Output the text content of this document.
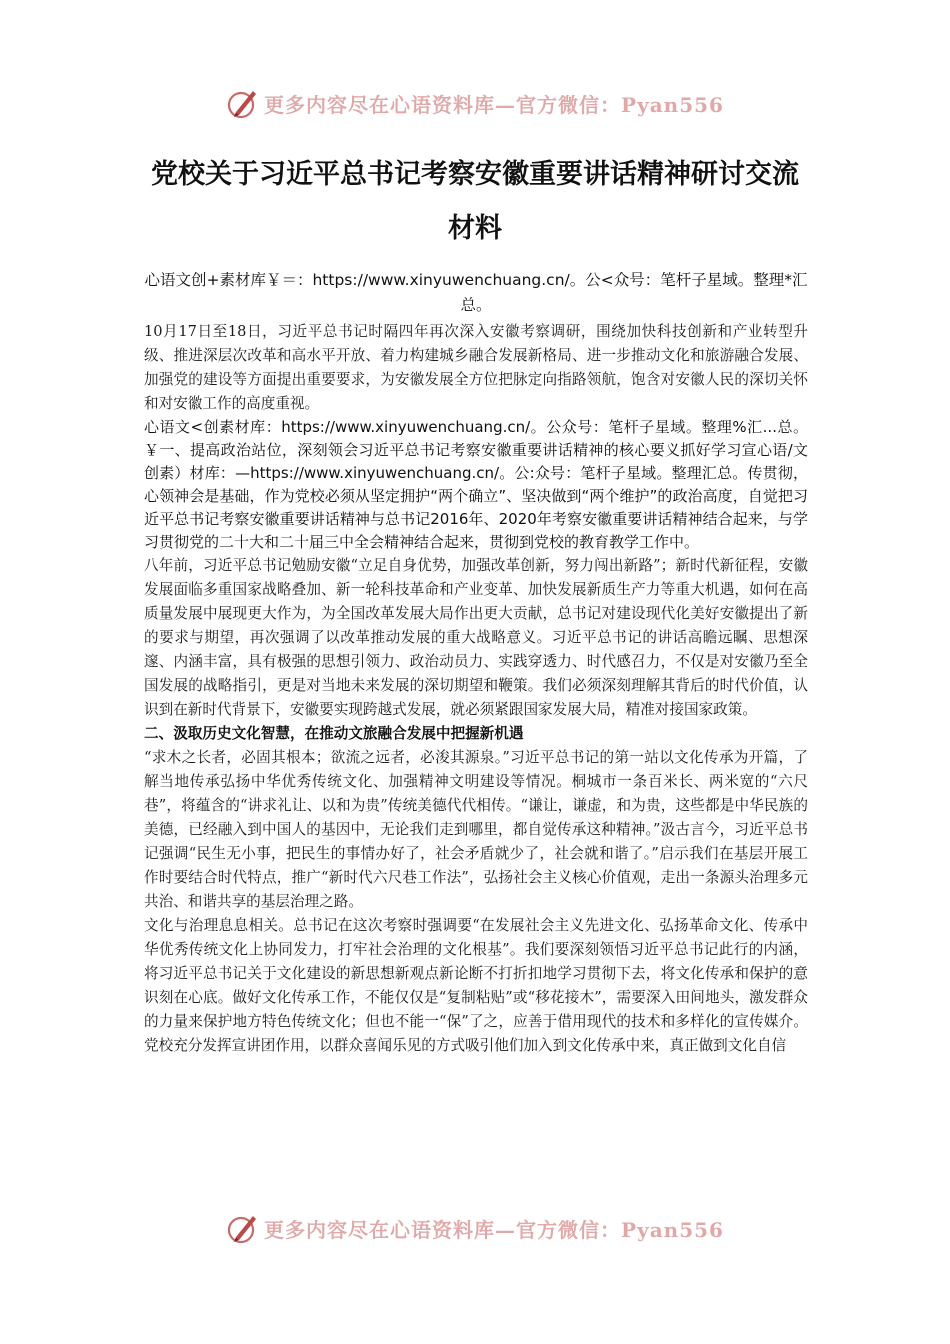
更多内容尽在心语资料库—官方微信：Pyan556
党校关于习近平总书记考察安徽重要讲话精神研讨交流材料

心语文创+素材库￥＝：https://www.xinyuwenchuang.cn/。公<众号：笔杆子星域。整理*汇总。

10月17日至18日，习近平总书记时隔四年再次深入安徽考察调研，围绕加快科技创新和产业转型升级、推进深层次改革和高水平开放、着力构建城乡融合发展新格局、进一步推动文化和旅游融合发展、加强党的建设等方面提出重要要求，为安徽发展全方位把脉定向指路领航，饱含对安徽人民的深切关怀和对安徽工作的高度重视。

心语文<创素材库：https://www.xinyuwenchuang.cn/。公众号：笔杆子星域。整理%汇...总。￥一、提高政治站位，深刻领会习近平总书记考察安徽重要讲话精神的核心要义抓好学习宣心语/文创素）材库：—https://www.xinyuwenchuang.cn/。公:众号：笔杆子星域。整理汇总。传贯彻，心领神会是基础，作为党校必须从坚定拥护“两个确立”、坚决做到“两个维护”的政治高度，自觉把习近平总书记考察安徽重要讲话精神与总书记2016年、2020年考察安徽重要讲话精神结合起来，与学习贯彻党的二十大和二十届三中全会精神结合起来，贯彻到党校的教育教学工作中。

八年前，习近平总书记勉励安徽“立足自身优势，加强改革创新，努力闯出新路”；新时代新征程，安徽发展面临多重国家战略叠加、新一轮科技革命和产业变革、加快发展新质生产力等重大机遇，如何在高质量发展中展现更大作为，为全国改革发展大局作出更大贡献，总书记对建设现代化美好安徽提出了新的要求与期望，再次强调了以改革推动发展的重大战略意义。习近平总书记的讲话高瞻远瞩、思想深邃、内涵丰富，具有极强的思想引领力、政治动员力、实践穿透力、时代感召力，不仅是对安徽乃至全国发展的战略指引，更是对当地未来发展的深切期望和鞭策。我们必须深刻理解其背后的时代价值，认识到在新时代背景下，安徽要实现跨越式发展，就必须紧跟国家发展大局，精准对接国家政策。

二、汲取历史文化智慧，在推动文旅融合发展中把握新机遇

“求木之长者，必固其根本；欲流之远者，必浚其源泉。”习近平总书记的第一站以文化传承为开篇，了解当地传承弘扬中华优秀传统文化、加强精神文明建设等情况。桐城市一条百米长、两米宽的“六尺巷”，将蕴含的“讲求礼让、以和为贵”传统美德代代相传。“谦让，谦虚，和为贵，这些都是中华民族的美德，已经融入到中国人的基因中，无论我们走到哪里，都自觉传承这种精神。”汲古言今，习近平总书记强调“民生无小事，把民生的事情办好了，社会矛盾就少了，社会就和谐了。”启示我们在基层开展工作时要结合时代特点，推广“新时代六尺巷工作法”，弘扬社会主义核心价值观，走出一条源头治理多元共治、和谐共享的基层治理之路。

文化与治理息息相关。总书记在这次考察时强调要“在发展社会主义先进文化、弘扬革命文化、传承中华优秀传统文化上协同发力，打牢社会治理的文化根基”。我们要深刻领悟习近平总书记此行的内涵，将习近平总书记关于文化建设的新思想新观点新论断不打折扣地学习贯彻下去，将文化传承和保护的意识刻在心底。做好文化传承工作，不能仅仅是“复制粘贴”或“移花接木”，需要深入田间地头，激发群众的力量来保护地方特色传统文化；但也不能一“保”了之，应善于借用现代的技术和多样化的宣传媒介。党校充分发挥宣讲团作用，以群众喜闻乐见的方式吸引他们加入到文化传承中来，真正做到文化自信

更多内容尽在心语资料库—官方微信：Pyan556
